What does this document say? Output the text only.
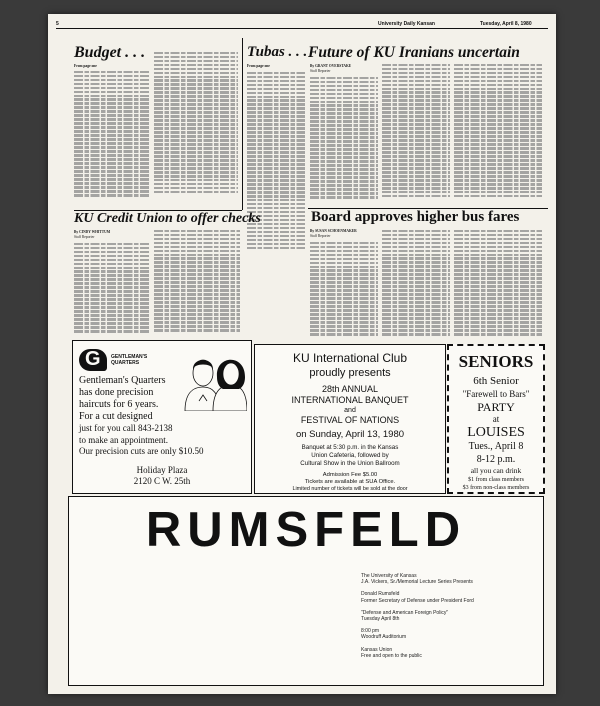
5	University Daily Kansan	Tuesday, April 8, 1980
Budget . . .
From page one
Tubas . . .
From page one
Future of KU Iranians uncertain
By GRANT OVERSTAKE
Staff Reporter
KU Credit Union to offer checks
By CINDY WHITTUM
Staff Reporter
Board approves higher bus fares
By SUSAN SCHOENMAKER
Staff Reporter
G GENTLEMAN'S QUARTERS
Gentleman's Quarters
has done precision
haircuts for 6 years.
For a cut designed
just for you call 843-2138
to make an appointment.
Our precision cuts are only $10.50
Holiday Plaza
2120 C W. 25th
KU International Club
proudly presents
28th ANNUAL
INTERNATIONAL BANQUET
and
FESTIVAL OF NATIONS
on Sunday, April 13, 1980
Banquet at 5:30 p.m. in the Kansas
Union Cafeteria, followed by
Cultural Show in the Union Ballroom
Admission Fee $5.00
Tickets are available at SUA Office.
Limited number of tickets will be sold at the door
SENIORS
6th Senior
"Farewell to Bars"
PARTY
at
LOUISES
Tues., April 8
8-12 p.m.
all you can drink
$1 from class members
$3 from non-class members
RUMSFELD
The University of Kansas
J.A. Vickers, Sr./Memorial Lecture Series Presents
Donald Rumsfeld
Former Secretary of Defense under President Ford
"Defense and American Foreign Policy"
Tuesday April 8th
8:00 pm
Woodruff Auditorium
Kansas Union
Free and open to the public
